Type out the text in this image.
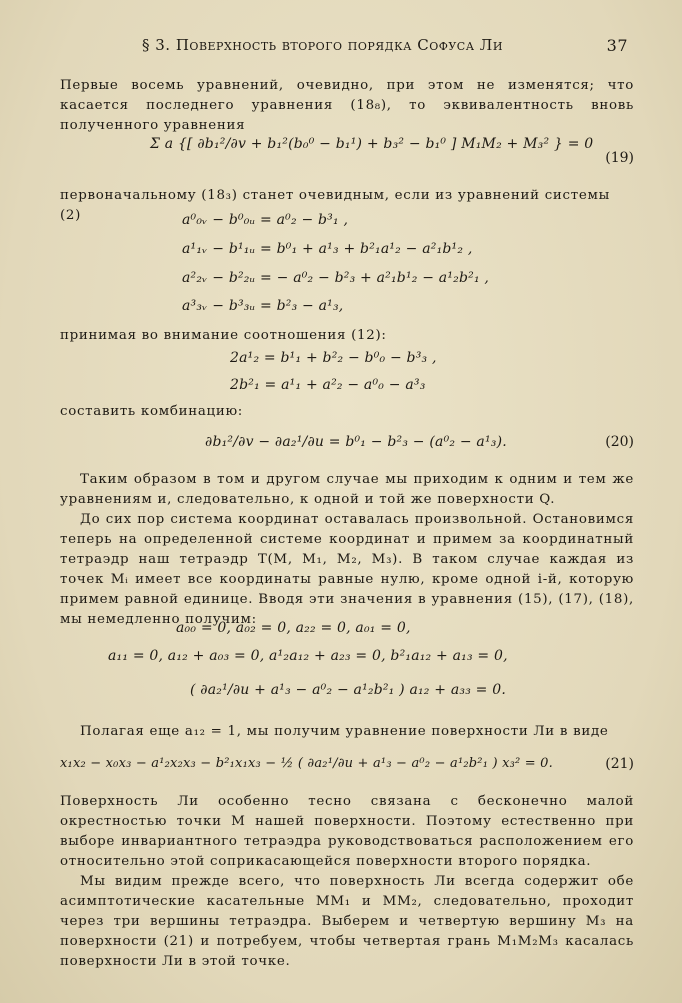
§ 3. Поверхность второго порядка Софуса Ли	37
Первые восемь уравнений, очевидно, при этом не изменятся; что касается последнего уравнения (18₈), то эквивалентность вновь полученного уравнения
Σ a {[ ∂b₁²/∂v + b₁²(b₀⁰ − b₁¹) + b₃² − b₁⁰ ] M₁M₂ + M₃² } = 0
(19)
первоначальному (18₃) станет очевидным, если из уравнений системы (2)	a⁰₀ᵥ − b⁰₀ᵤ = a⁰₂ − b³₁ ,
a¹₁ᵥ − b¹₁ᵤ = b⁰₁ + a¹₃ + b²₁a¹₂ − a²₁b¹₂ ,
a²₂ᵥ − b²₂ᵤ = − a⁰₂ − b²₃ + a²₁b¹₂ − a¹₂b²₁ ,
a³₃ᵥ − b³₃ᵤ = b²₃ − a¹₃,
принимая во внимание соотношения (12):
2a¹₂ = b¹₁ + b²₂ − b⁰₀ − b³₃ ,
2b²₁ = a¹₁ + a²₂ − a⁰₀ − a³₃
составить комбинацию:
∂b₁²/∂v − ∂a₂¹/∂u = b⁰₁ − b²₃ − (a⁰₂ − a¹₃).	(20)
Таким образом в том и другом случае мы приходим к одним и тем же уравнениям и, следовательно, к одной и той же поверхности Q.
До сих пор система координат оставалась произвольной. Остановимся теперь на определенной системе координат и примем за координатный тетраэдр наш тетраэдр T(M, M₁, M₂, M₃). В таком случае каждая из точек Mᵢ имеет все координаты равные нулю, кроме одной i-й, которую примем равной единице. Вводя эти значения в уравнения (15), (17), (18), мы немедленно получим:
a₀₀ = 0, a₀₂ = 0, a₂₂ = 0, a₀₁ = 0,
a₁₁ = 0, a₁₂ + a₀₃ = 0, a¹₂a₁₂ + a₂₃ = 0, b²₁a₁₂ + a₁₃ = 0,
( ∂a₂¹/∂u + a¹₃ − a⁰₂ − a¹₂b²₁ ) a₁₂ + a₃₃ = 0.
Полагая еще a₁₂ = 1, мы получим уравнение поверхности Ли в виде
x₁x₂ − x₀x₃ − a¹₂x₂x₃ − b²₁x₁x₃ − ½ ( ∂a₂¹/∂u + a¹₃ − a⁰₂ − a¹₂b²₁ ) x₃² = 0.	(21)
Поверхность Ли особенно тесно связана с бесконечно малой окрестностью точки M нашей поверхности. Поэтому естественно при выборе инвариантного тетраэдра руководствоваться расположением его относительно этой соприкасающейся поверхности второго порядка.
Мы видим прежде всего, что поверхность Ли всегда содержит обе асимптотические касательные MM₁ и MM₂, следовательно, проходит через три вершины тетраэдра. Выберем и четвертую вершину M₃ на поверхности (21) и потребуем, чтобы четвертая грань M₁M₂M₃ касалась поверхности Ли в этой точке.
